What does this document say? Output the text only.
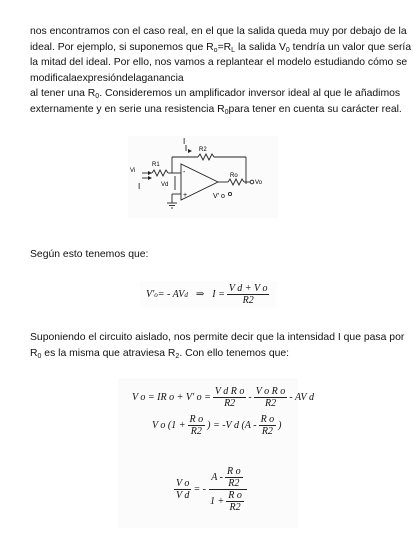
nos encontramos con el caso real, en el que la salida queda muy por debajo de la
ideal. Por ejemplo, si suponemos que $R_o=R_L$ la salida $V_0$ tendría un valor que sería
la mitad del ideal. Por ello, nos vamos a replantear el modelo estudiando cómo se
modificalaexpresióndelaganancia
al tener una $R_0$. Consideremos un amplificador inversor ideal al que le añadimos
externamente y en serie una resistencia $R_0para$ tener en cuenta su carácter real.
I
R2
R1
Vi
I	Vd
-
+
Ro
Vo
V' o
Según esto tenemos que:
V' o = - AV d ⇒ $I = \frac{\text{V d + V o}}{R2}$
Suponiendo el circuito aislado, nos permite decir que la intensidad I que pasa por
$R_0$ es la misma que atraviesa $R_2$. Con ello tenemos que:
V o = IR o + V' $o = \frac{\text{V d R o}}{R2} - \frac{\text{V o R o}}{R2}$ - AV d
V o ($1 + \frac{\text{R o}}{R2}$ ) = -V d ($A - \frac{\text{R o}}{R2}$ )
$\frac{\text{V o}}{\text{V d}}$ = - $\frac{A - \frac{\text{R o}}{R2}}{1 + \frac{\text{R o}}{R2}}$
